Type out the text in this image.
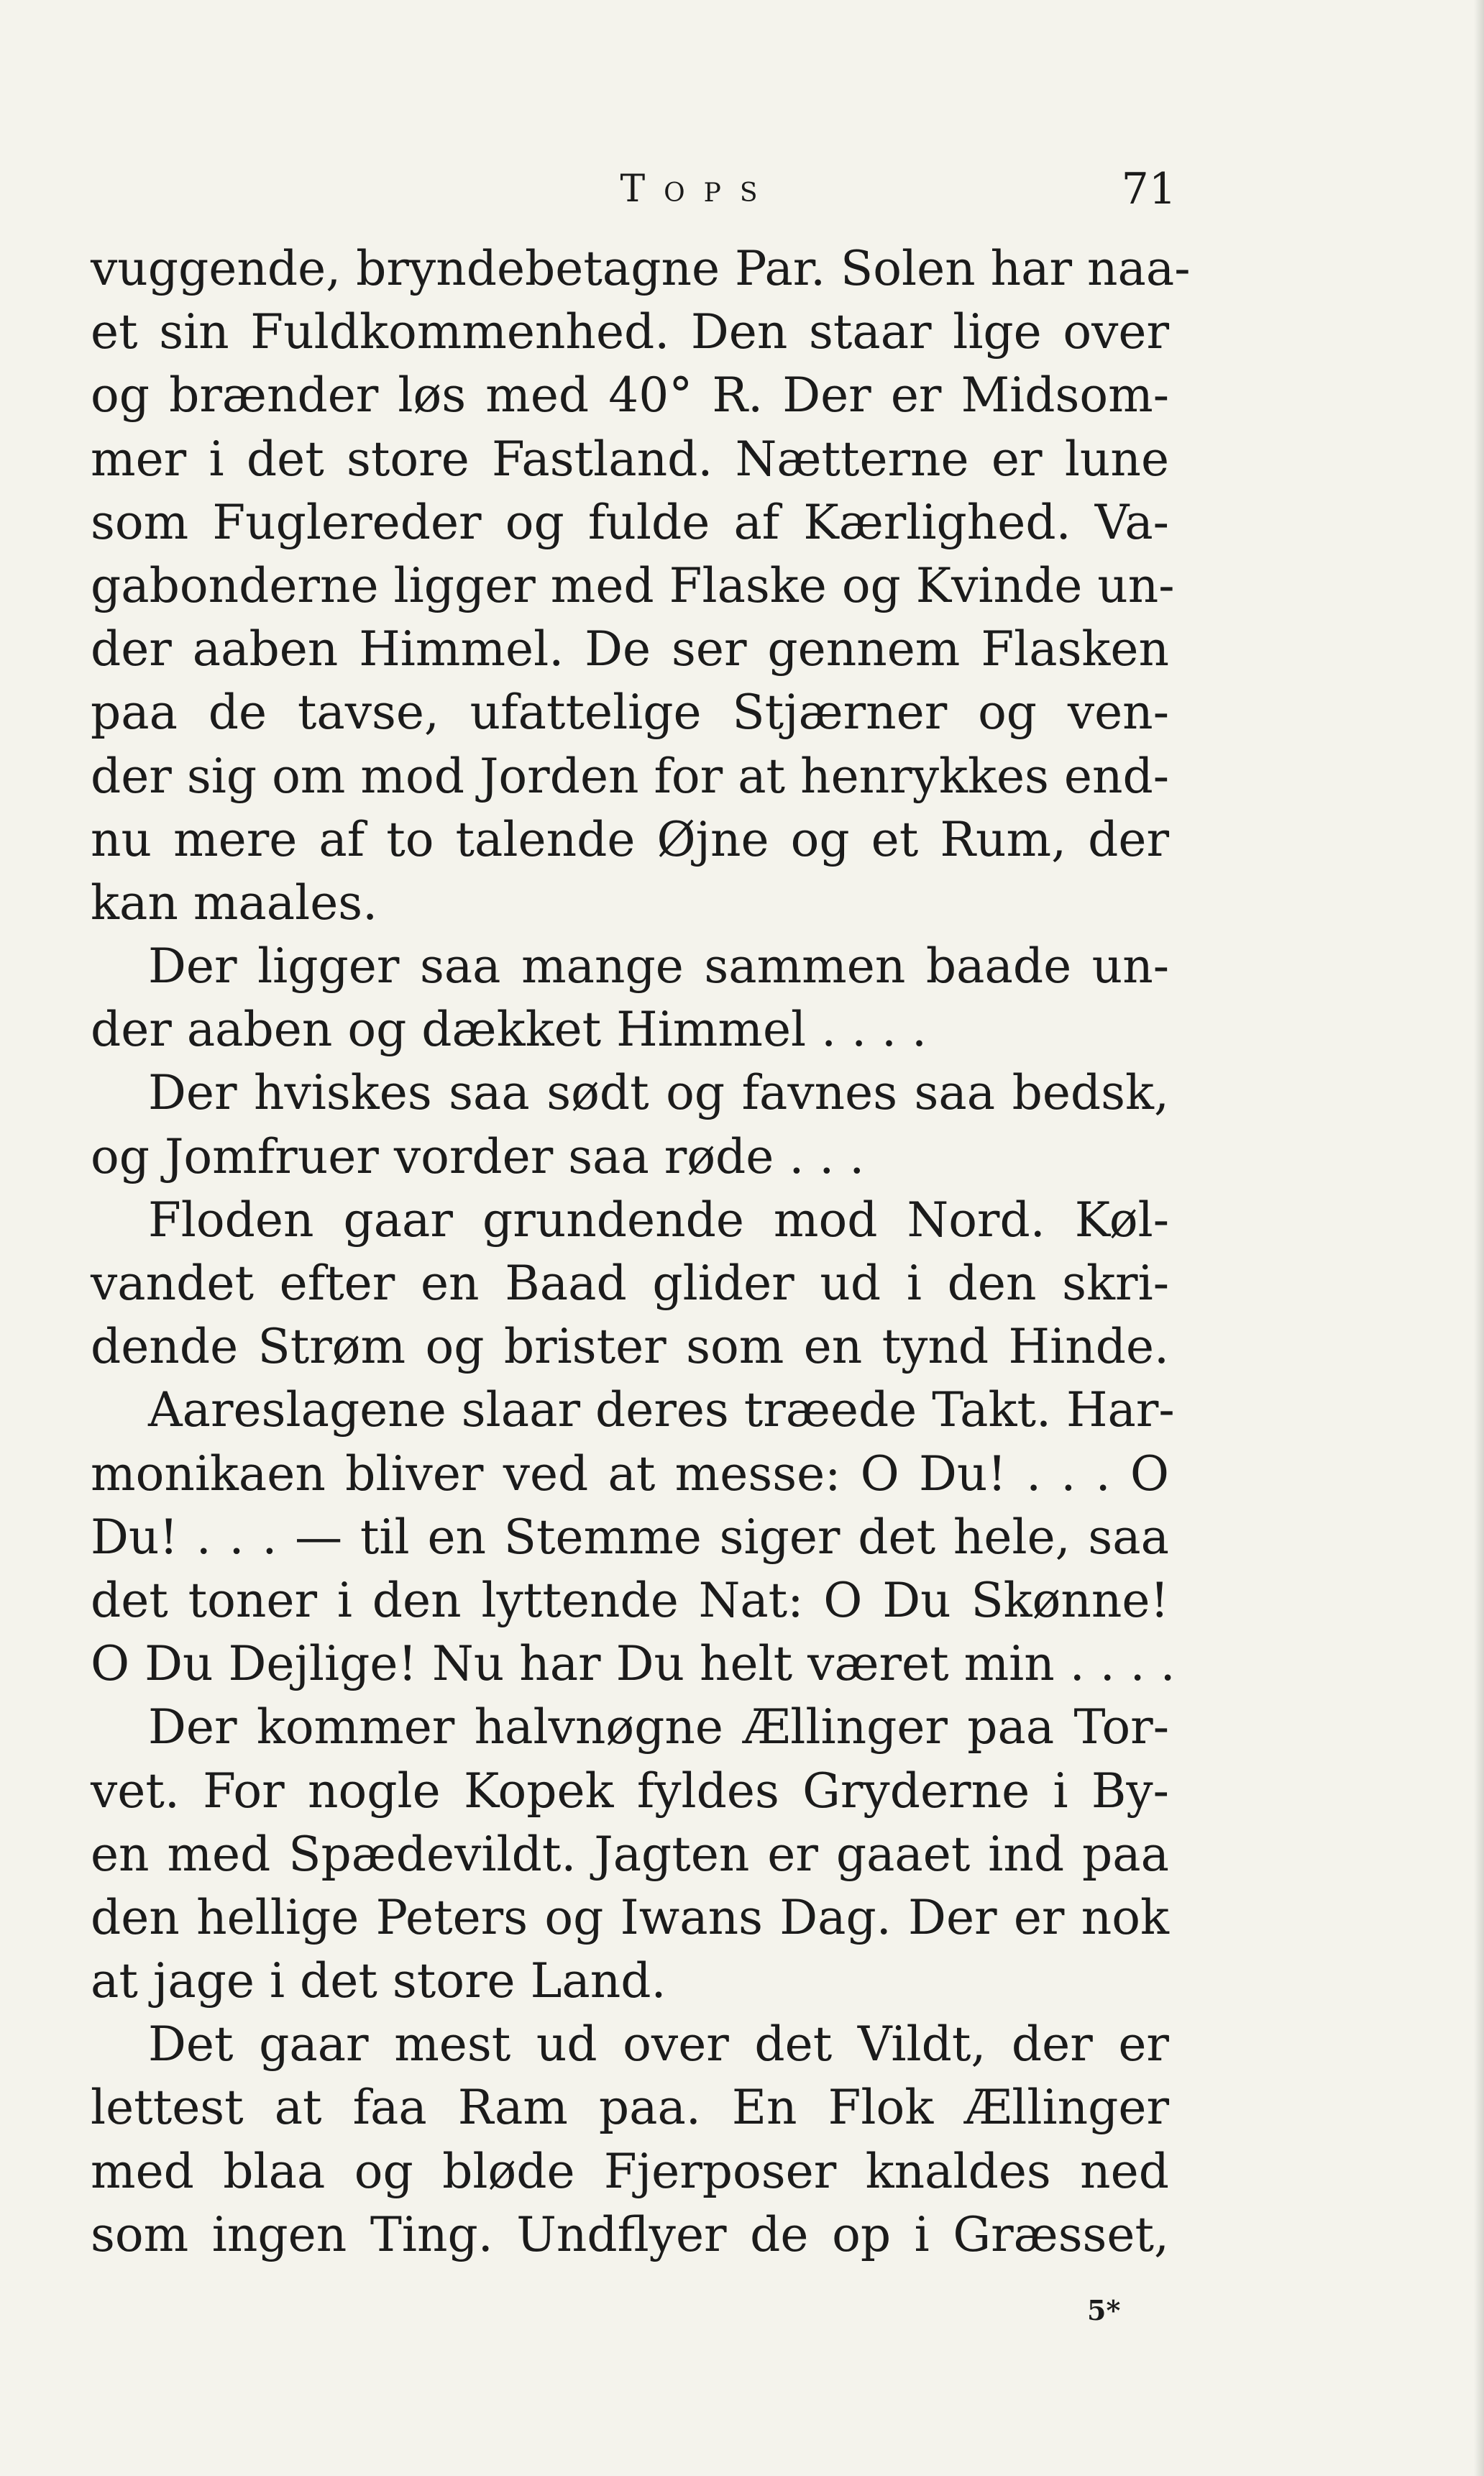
Tops	71
vuggende, bryndebetagne Par. Solen har naa-
et sin Fuldkommenhed. Den staar lige over
og brænder løs med 40° R. Der er Midsom-
mer i det store Fastland. Nætterne er lune
som Fuglereder og fulde af Kærlighed. Va-
gabonderne ligger med Flaske og Kvinde un-
der aaben Himmel. De ser gennem Flasken
paa de tavse, ufattelige Stjærner og ven-
der sig om mod Jorden for at henrykkes end-
nu mere af to talende Øjne og et Rum, der
kan maales.
Der ligger saa mange sammen baade un-
der aaben og dækket Himmel . . . .
Der hviskes saa sødt og favnes saa bedsk,
og Jomfruer vorder saa røde . . .
Floden gaar grundende mod Nord. Køl-
vandet efter en Baad glider ud i den skri-
dende Strøm og brister som en tynd Hinde.
Aareslagene slaar deres træede Takt. Har-
monikaen bliver ved at messe: O Du! . . . O
Du! . . . — til en Stemme siger det hele, saa
det toner i den lyttende Nat: O Du Skønne!
O Du Dejlige! Nu har Du helt været min . . . .
Der kommer halvnøgne Ællinger paa Tor-
vet. For nogle Kopek fyldes Gryderne i By-
en med Spædevildt. Jagten er gaaet ind paa
den hellige Peters og Iwans Dag. Der er nok
at jage i det store Land.
Det gaar mest ud over det Vildt, der er
lettest at faa Ram paa. En Flok Ællinger
med blaa og bløde Fjerposer knaldes ned
som ingen Ting. Undflyer de op i Græsset,
5*
